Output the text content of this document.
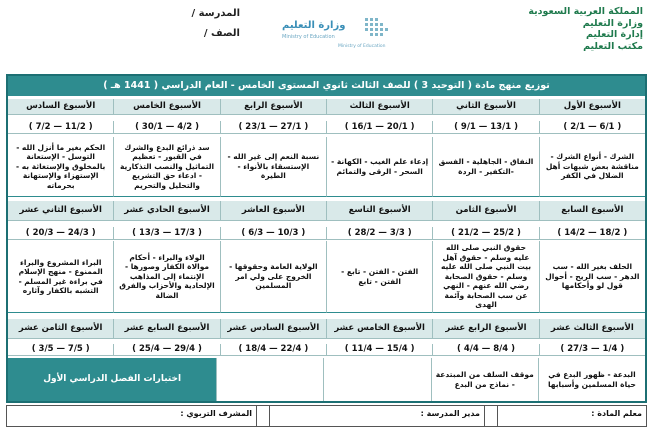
المملكة العربية السعودية
وزارة التعليم
إدارة التعليم
مكتب التعليم
وزارة التعليم
Ministry of Education
Ministry of Education
المدرسة /
الصف /
توزيع منهج مادة ( التوحيد 3 ) للصف الثالث ثانوي المستوى الخامس - العام الدراسي ( 1441 هـ )
الأسبوع الأول
الأسبوع الثاني
الأسبوع الثالث
الأسبوع الرابع
الأسبوع الخامس
الأسبوع السادس
( 2/1 — 6/1 )
( 9/1 — 13/1 )
( 16/1 — 20/1 )
( 23/1 — 27/1 )
( 30/1 — 4/2 )
( 7/2 — 11/2 )
الشرك - أنواع الشرك - مناقشة بعض شبهات أهل الضلال في الكفر
النفاق - الجاهلية - الفسق -التكفير - الردة
إدعاء علم الغيب - الكهانة - السحر - الرقى والتمائم
نسبة النعم إلى غير الله - الإستسقاء بالأنواء - الطيرة
سد ذرائع البدع والشرك في القبور - تعظيم التماثيل والنصب التذكارية - ادعاء حق التشريع والتحليل والتحريم
الحكم بغير ما أنزل الله - التوسل - الإستعانة بالمخلوق والإستغاثة به - الإستهزاء والإستهانة بحرماته
الأسبوع السابع
الأسبوع الثامن
الأسبوع التاسع
الأسبوع العاشر
الأسبوع الحادي عشر
الأسبوع الثاني عشر
( 14/2 — 18/2 )
( 21/2 — 25/2 )
( 28/2 — 3/3 )
( 6/3 — 10/3 )
( 13/3 — 17/3 )
( 20/3 — 24/3 )
الحلف بغير الله - سب الدهر - سب الريح - أحوال قول لو وأحكامها
حقوق النبي صلى الله عليه وسلم - حقوق آهل بيت النبي صلى الله عليه وسلم - حقوق الصحابة رضي الله عنهم - النهي عن سب الصحابة وآئمة الهدى
الفتن - الفتن - تابع - الفتن - تابع
الولاية العامة وحقوقها - الخروج على ولي امر المسلمين
الولاء والبراء - أحكام موالاة الكفار وصورها - الإنتماء إلى المذاهب الإلحادية والأحزاب والفرق الضالة
البراء المشروع والبراء الممنوع - منهج الإسلام في براءة غير المسلم - التشبه بالكفار وآثاره
الأسبوع الثالث عشر
الأسبوع الرابع عشر
الأسبوع الخامس عشر
الأسبوع السادس عشر
الأسبوع السابع عشر
الأسبوع الثامن عشر
( 27/3 — 1/4 )
( 4/4 — 8/4 )
( 11/4 — 15/4 )
( 18/4 — 22/4 )
( 25/4 — 29/4 )
( 3/5 — 7/5 )
البدعة - ظهور البدع في حياة المسلمين وأسبابها
موقف السلف من المبتدعة - نماذج من البدع
اختبارات الفصل الدراسي الأول
معلم المادة :
مدير المدرسة :
المشرف التربوي :
